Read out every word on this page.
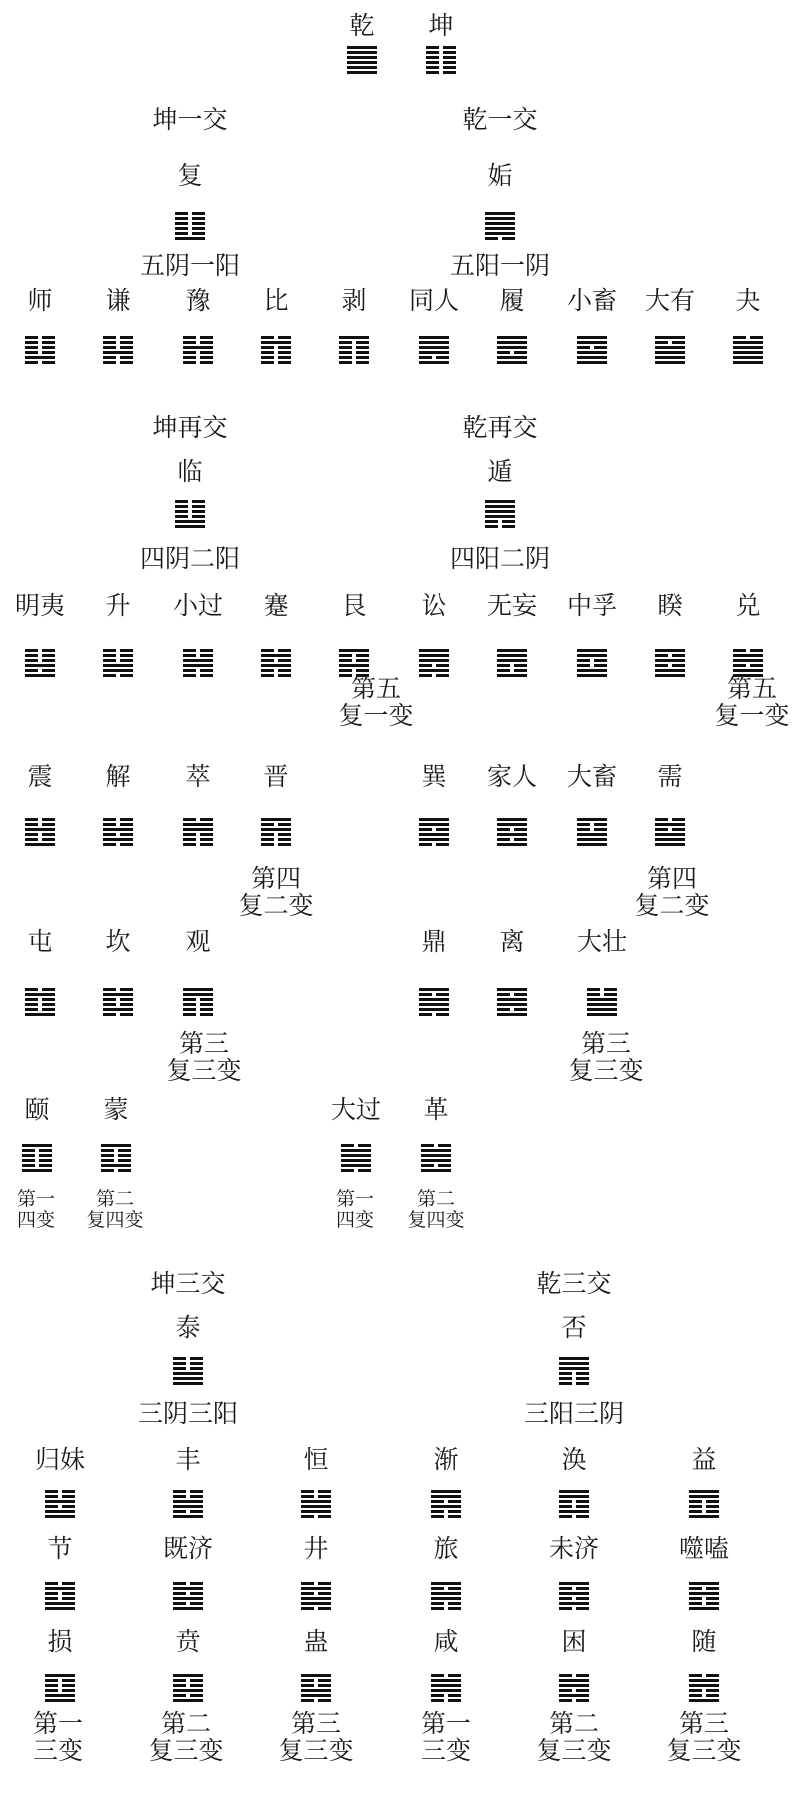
乾 坤
坤一交
复
五阴一阳
乾一交
姤
五阳一阴
师 谦 豫 比 剥 同人 履 小畜 大有 夬
坤再交
临
四阴二阳
乾再交
遁
四阳二阴
明夷 升 小过 蹇 艮 讼 无妄 中孚 睽 兑
第五
复一变
第五
复一变
震 解 萃 晋	巽 家人 大畜 需
第四
复二变
第四
复二变
屯 坎 观	鼎 离 大壮
第三
复三变
第三
复三变
颐 蒙	大过 革
第一
四变
第二
复四变
第一
四变
第二
复四变
坤三交
泰
三阴三阳
乾三交
否
三阳三阴
归妹	丰	恒	渐	涣	益
节	既济	井	旅	未济	噬嗑
损	贲	蛊	咸	困	随
第一
三变
第二
复三变
第三
复三变
第一
三变
第二
复三变
第三
复三变
